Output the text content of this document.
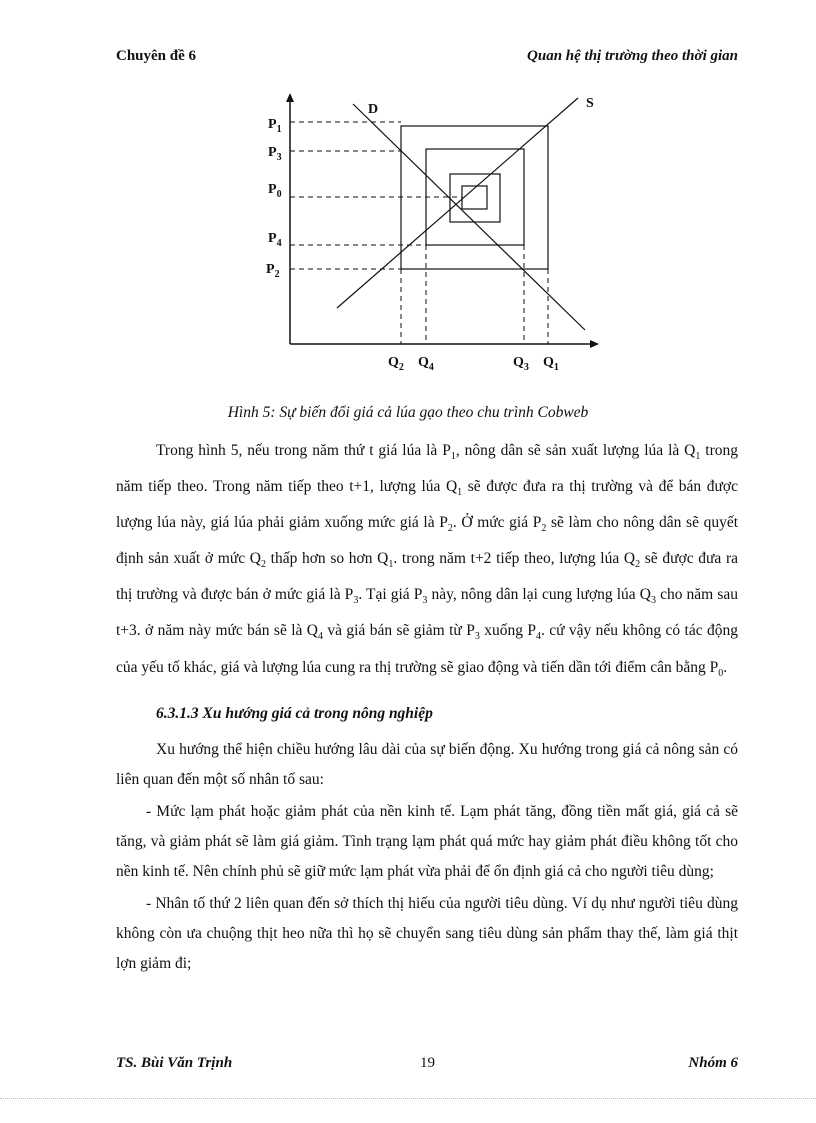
Chuyên đề 6	Quan hệ thị trường theo thời gian
D	S
$P_1$
$P_3$
$P_0$
$P_4$
$P_2$
$Q_2$ $Q_4$	$Q_3$ $Q_1$
Hình 5: Sự biến đổi giá cả lúa gạo theo chu trình Cobweb

Trong hình 5, nếu trong năm thứ t giá lúa là $P_1$, nông dân sẽ sản xuất lượng lúa là $Q_1$ trong năm tiếp theo. Trong năm tiếp theo t+1, lượng lúa $Q_1$ sẽ được đưa ra thị trường và để bán được lượng lúa này, giá lúa phải giảm xuống mức giá là $P_2$. Ở mức giá $P_2$ sẽ làm cho nông dân sẽ quyết định sản xuất ở mức $Q_2$ thấp hơn so hơn $Q_1$. trong năm t+2 tiếp theo, lượng lúa $Q_2$ sẽ được đưa ra thị trường và được bán ở mức giá là $P_3$. Tại giá $P_3$ này, nông dân lại cung lượng lúa $Q_3$ cho năm sau t+3. ở năm này mức bán sẽ là $Q_4$ và giá bán sẽ giảm từ $P_3$ xuống $P_4$. cứ vậy nếu không có tác động của yếu tố khác, giá và lượng lúa cung ra thị trường sẽ giao động và tiến dần tới điểm cân bằng $P_0$.

6.3.1.3 Xu hướng giá cả trong nông nghiệp

Xu hướng thể hiện chiều hướng lâu dài của sự biến động. Xu hướng trong giá cả nông sản có liên quan đến một số nhân tố sau:

- Mức lạm phát hoặc giảm phát của nền kinh tế. Lạm phát tăng, đồng tiền mất giá, giá cả sẽ tăng, và giảm phát sẽ làm giá giảm. Tình trạng lạm phát quá mức hay giảm phát điều không tốt cho nền kinh tế. Nên chính phủ sẽ giữ mức lạm phát vừa phải để ổn định giá cả cho người tiêu dùng;

- Nhân tố thứ 2 liên quan đến sở thích thị hiếu của người tiêu dùng. Ví dụ như người tiêu dùng không còn ưa chuộng thịt heo nữa thì họ sẽ chuyển sang tiêu dùng sản phẩm thay thế, làm giá thịt lợn giảm đi;

TS. Bùi Văn Trịnh	19	Nhóm 6
